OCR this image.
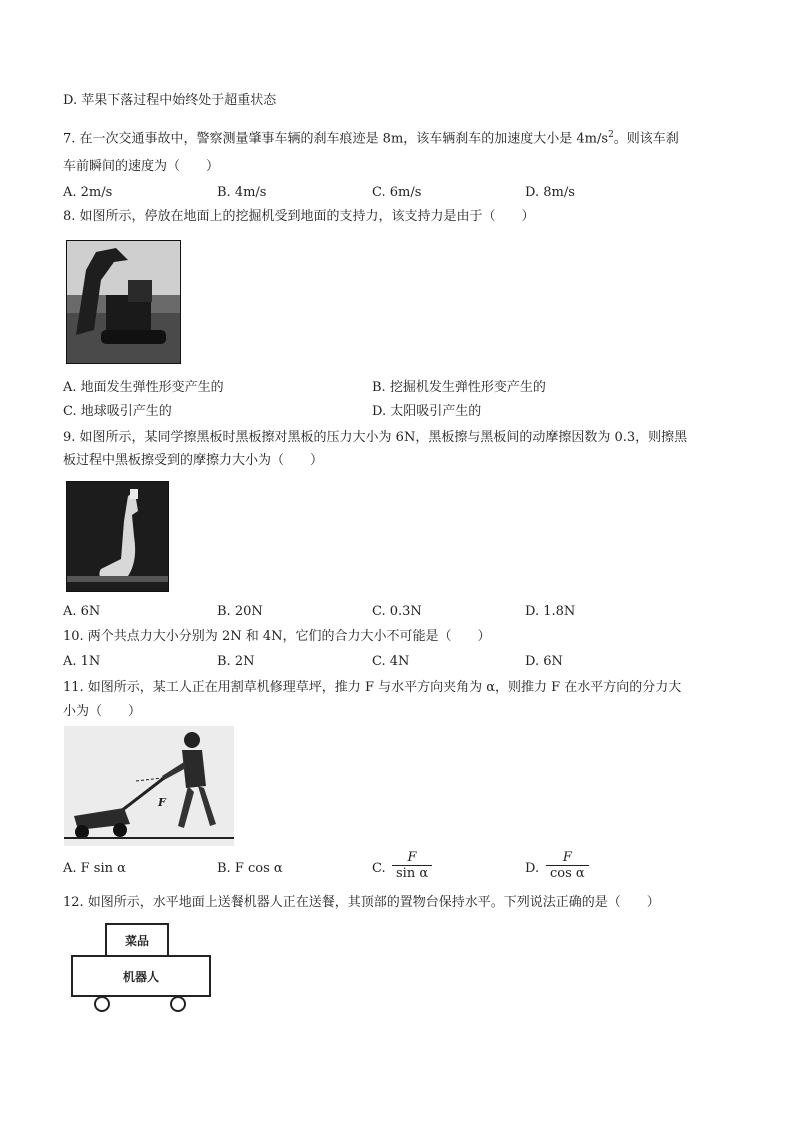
D. 苹果下落过程中始终处于超重状态
7. 在一次交通事故中，警察测量肇事车辆的刹车痕迹是 8m，该车辆刹车的加速度大小是 $4m/s^2$。则该车刹
车前瞬间的速度为（　　）
A. 2m/s	B. 4m/s	C. 6m/s	D. 8m/s
8. 如图所示，停放在地面上的挖掘机受到地面的支持力，该支持力是由于（　　）
A. 地面发生弹性形变产生的	B. 挖掘机发生弹性形变产生的
C. 地球吸引产生的	D. 太阳吸引产生的
9. 如图所示，某同学擦黑板时黑板擦对黑板的压力大小为 6N，黑板擦与黑板间的动摩擦因数为 0.3，则擦黑
板过程中黑板擦受到的摩擦力大小为（　　）
A. 6N	B. 20N	C. 0.3N	D. 1.8N
10. 两个共点力大小分别为 2N 和 4N，它们的合力大小不可能是（　　）
A. 1N	B. 2N	C. 4N	D. 6N
11. 如图所示，某工人正在用割草机修理草坪，推力 F 与水平方向夹角为 α，则推力 F 在水平方向的分力大
小为（　　）
F
A. F sin α	B. F cos α	C. $\frac{F}{\text{sin α}}$	D. $\frac{F}{\text{cos α}}$
12. 如图所示，水平地面上送餐机器人正在送餐，其顶部的置物台保持水平。下列说法正确的是（　　）
菜品
机器人
